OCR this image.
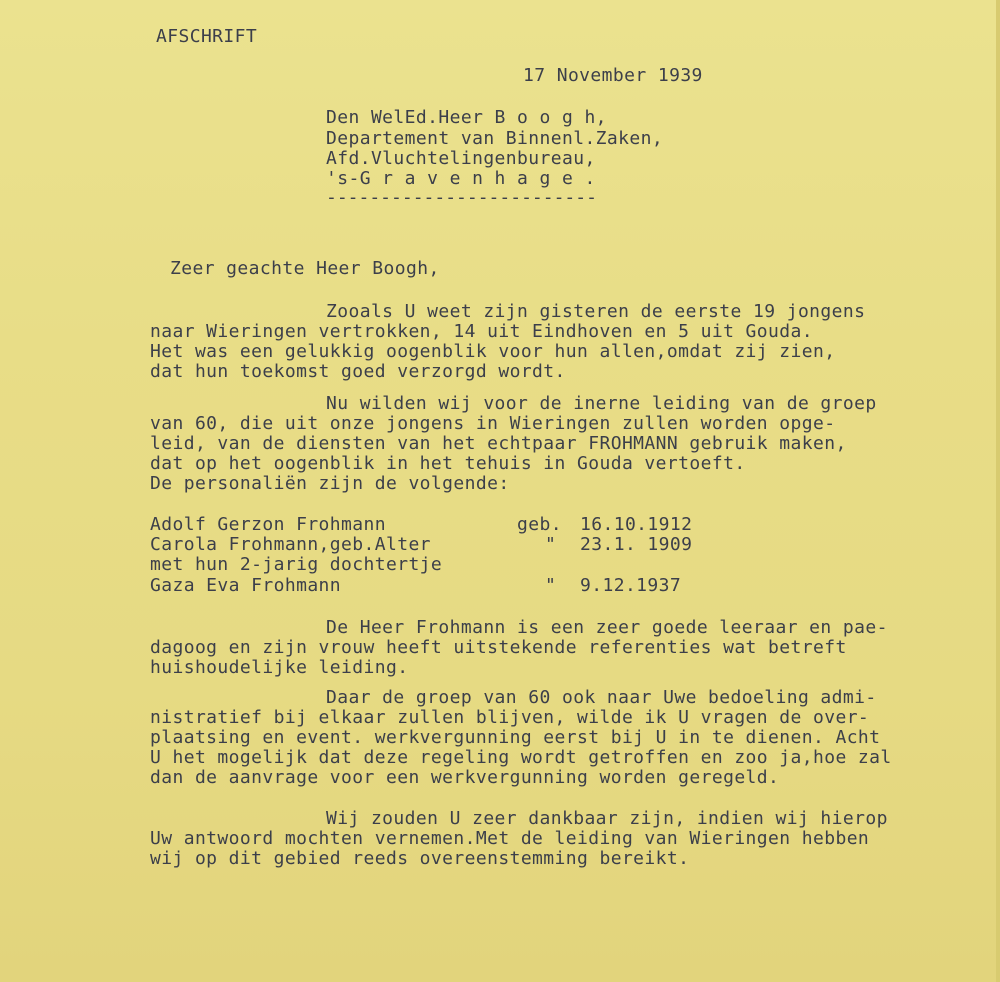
AFSCHRIFT
17 November 1939
Den WelEd.Heer B o o g h,
Departement van Binnenl.Zaken,
Afd.Vluchtelingenbureau,
's-G r a v e n h a g e .
-------------------------
Zeer geachte Heer Boogh,
Zooals U weet zijn gisteren de eerste 19 jongens
naar Wieringen vertrokken, 14 uit Eindhoven en 5 uit Gouda.
Het was een gelukkig oogenblik voor hun allen,omdat zij zien,
dat hun toekomst goed verzorgd wordt.
Nu wilden wij voor de inerne leiding van de groep
van 60, die uit onze jongens in Wieringen zullen worden opge-
leid, van de diensten van het echtpaar FROHMANN gebruik maken,
dat op het oogenblik in het tehuis in Gouda vertoeft.
De personaliën zijn de volgende:
Adolf Gerzon Frohmann	geb. 16.10.1912
Carola Frohmann,geb.Alter	" 23.1. 1909
met hun 2-jarig dochtertje
Gaza Eva Frohmann	" 9.12.1937
De Heer Frohmann is een zeer goede leeraar en pae-
dagoog en zijn vrouw heeft uitstekende referenties wat betreft
huishoudelijke leiding.
Daar de groep van 60 ook naar Uwe bedoeling admi-
nistratief bij elkaar zullen blijven, wilde ik U vragen de over-
plaatsing en event. werkvergunning eerst bij U in te dienen. Acht
U het mogelijk dat deze regeling wordt getroffen en zoo ja,hoe zal
dan de aanvrage voor een werkvergunning worden geregeld.
Wij zouden U zeer dankbaar zijn, indien wij hierop
Uw antwoord mochten vernemen.Met de leiding van Wieringen hebben
wij op dit gebied reeds overeenstemming bereikt.
